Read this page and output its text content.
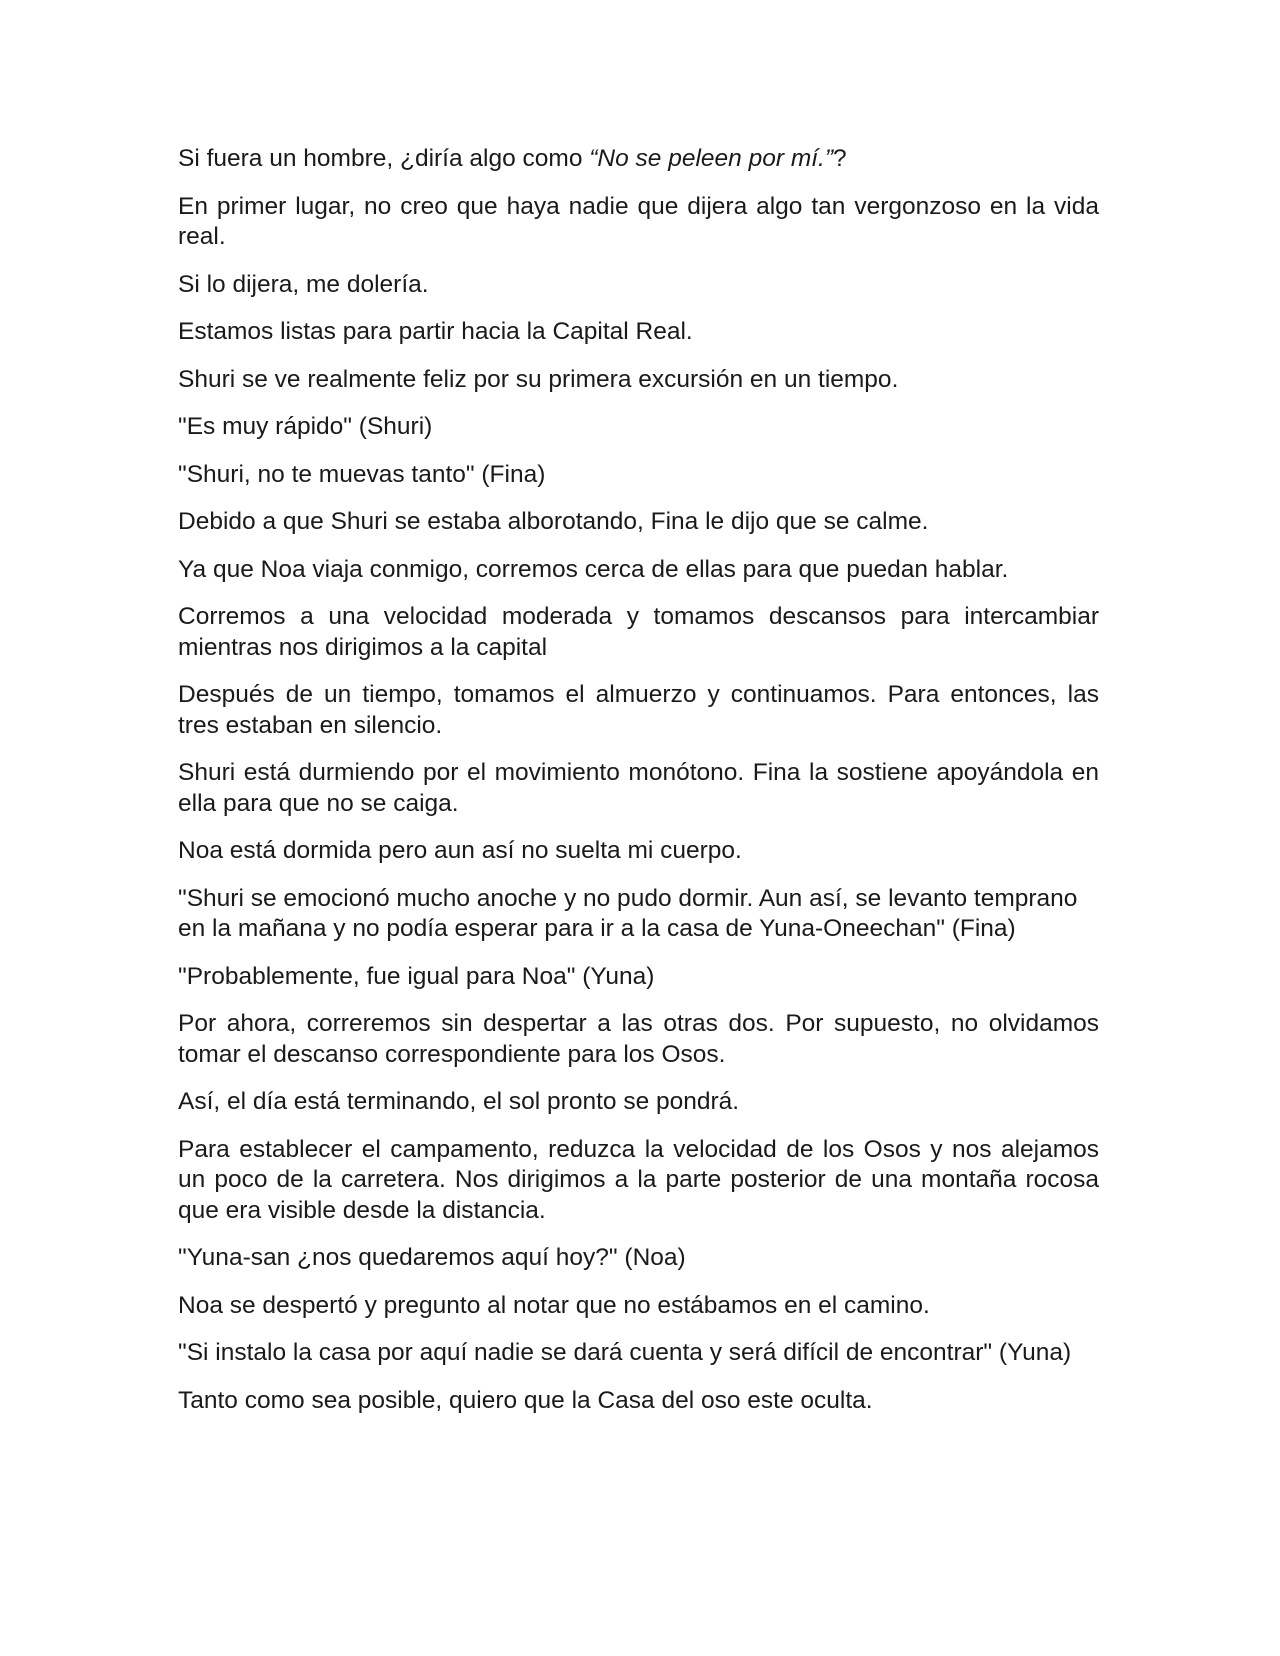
Si fuera un hombre, ¿diría algo como “No se peleen por mí.”?

En primer lugar, no creo que haya nadie que dijera algo tan vergonzoso en la vida real.

Si lo dijera, me dolería.

Estamos listas para partir hacia la Capital Real.

Shuri se ve realmente feliz por su primera excursión en un tiempo.

"Es muy rápido" (Shuri)

"Shuri, no te muevas tanto" (Fina)

Debido a que Shuri se estaba alborotando, Fina le dijo que se calme.

Ya que Noa viaja conmigo, corremos cerca de ellas para que puedan hablar.

Corremos a una velocidad moderada y tomamos descansos para intercambiar mientras nos dirigimos a la capital

Después de un tiempo, tomamos el almuerzo y continuamos. Para entonces, las tres estaban en silencio.

Shuri está durmiendo por el movimiento monótono. Fina la sostiene apoyándola en ella para que no se caiga.

Noa está dormida pero aun así no suelta mi cuerpo.

"Shuri se emocionó mucho anoche y no pudo dormir. Aun así, se levanto temprano en la mañana y no podía esperar para ir a la casa de Yuna-Oneechan" (Fina)

"Probablemente, fue igual para Noa" (Yuna)

Por ahora, correremos sin despertar a las otras dos. Por supuesto, no olvidamos tomar el descanso correspondiente para los Osos.

Así, el día está terminando, el sol pronto se pondrá.

Para establecer el campamento, reduzca la velocidad de los Osos y nos alejamos un poco de la carretera. Nos dirigimos a la parte posterior de una montaña rocosa que era visible desde la distancia.

"Yuna-san ¿nos quedaremos aquí hoy?" (Noa)

Noa se despertó y pregunto al notar que no estábamos en el camino.

"Si instalo la casa por aquí nadie se dará cuenta y será difícil de encontrar" (Yuna)

Tanto como sea posible, quiero que la Casa del oso este oculta.
